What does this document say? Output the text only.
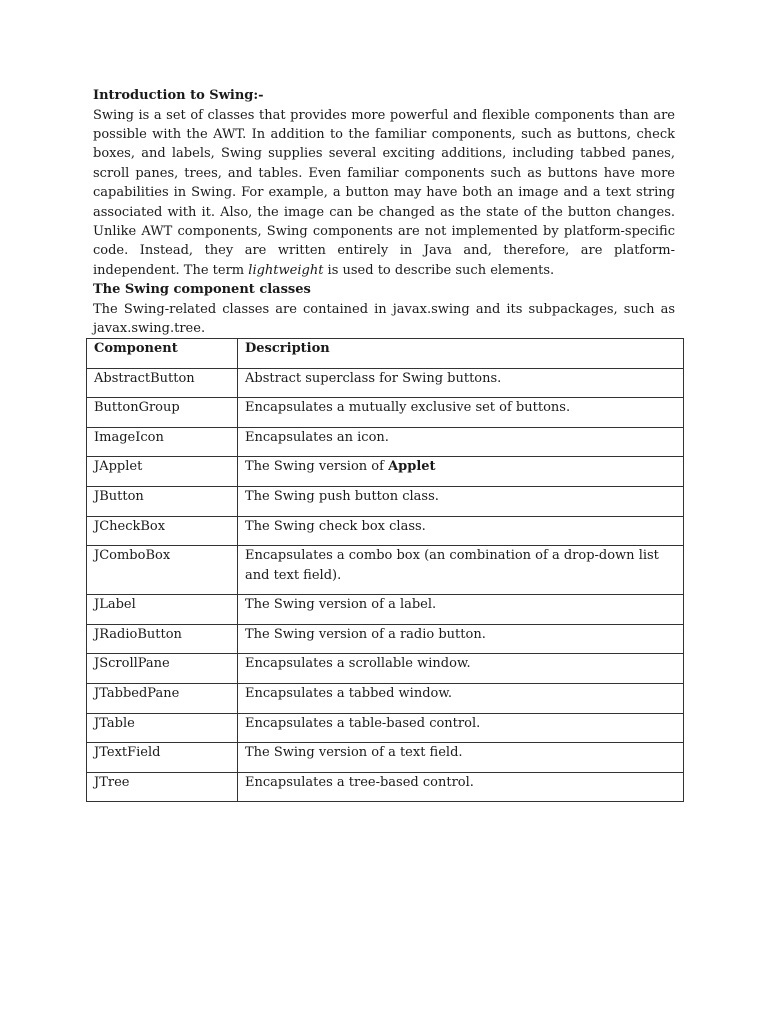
Introduction to Swing:-

Swing is a set of classes that provides more powerful and flexible components than are possible with the AWT. In addition to the familiar components, such as buttons, check boxes, and labels, Swing supplies several exciting additions, including tabbed panes, scroll panes, trees, and tables. Even familiar components such as buttons have more capabilities in Swing. For example, a button may have both an image and a text string associated with it. Also, the image can be changed as the state of the button changes. Unlike AWT components, Swing components are not implemented by platform-specific code. Instead, they are written entirely in Java and, therefore, are platform-independent. The term lightweight is used to describe such elements.

The Swing component classes

The Swing-related classes are contained in javax.swing and its subpackages, such as javax.swing.tree.

Component	Description
AbstractButton	Abstract superclass for Swing buttons.
ButtonGroup	Encapsulates a mutually exclusive set of buttons.
ImageIcon	Encapsulates an icon.
JApplet	The Swing version of Applet
JButton	The Swing push button class.
JCheckBox	The Swing check box class.
JComboBox	Encapsulates a combo box (an combination of a drop-down list and text field).
JLabel	The Swing version of a label.
JRadioButton	The Swing version of a radio button.
JScrollPane	Encapsulates a scrollable window.
JTabbedPane	Encapsulates a tabbed window.
JTable	Encapsulates a table-based control.
JTextField	The Swing version of a text field.
JTree	Encapsulates a tree-based control.
